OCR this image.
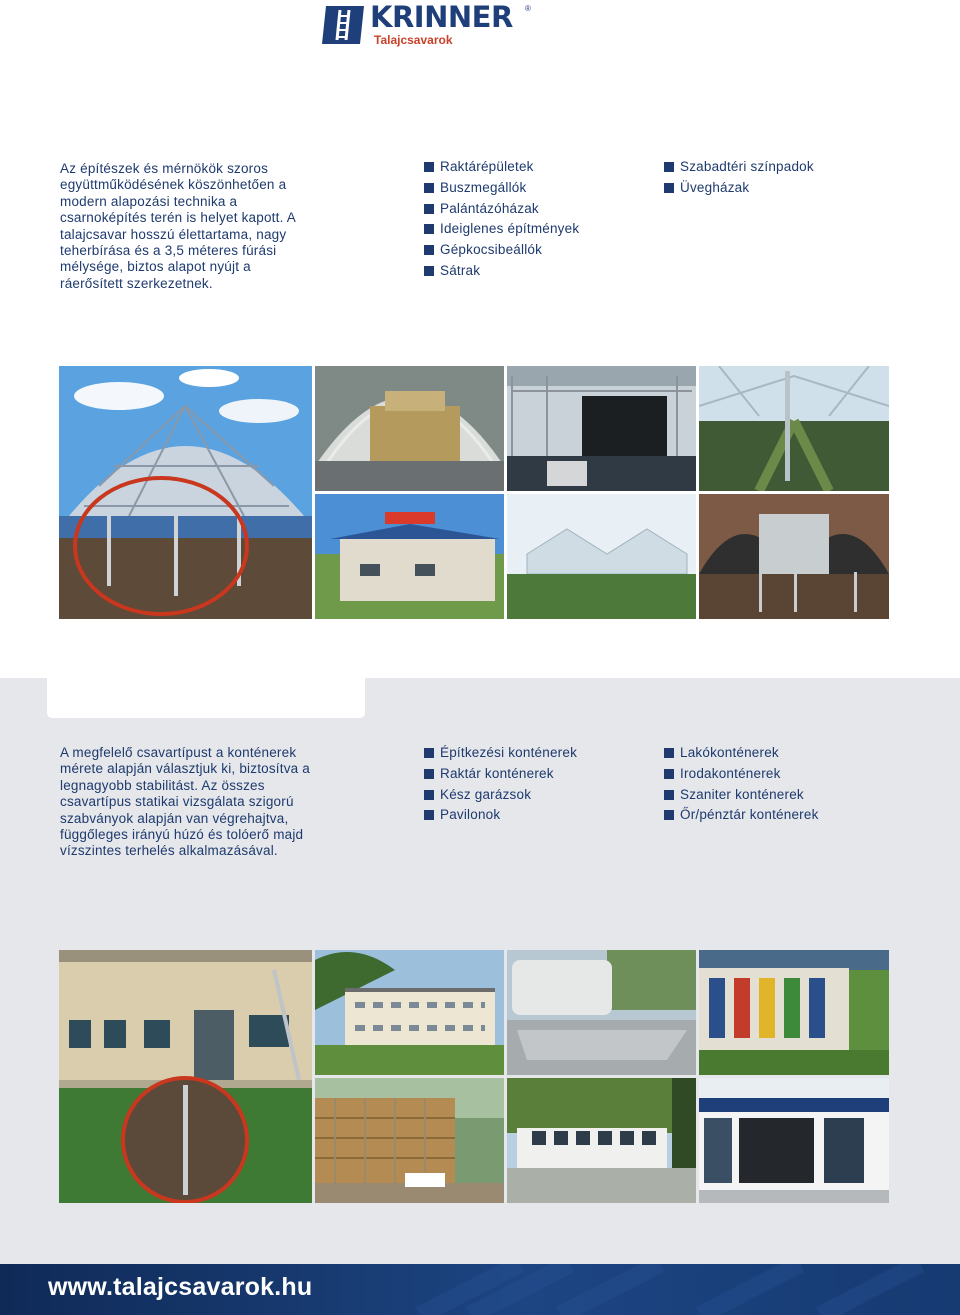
KRINNER ®
Talajcsavarok
Az építészek és mérnökök szoros együttműködésének köszönhetően a modern alapozási technika a csarnoképítés terén is helyet kapott. A talajcsavar hosszú élettartama, nagy teherbírása és a 3,5 méteres fúrási mélysége, biztos alapot nyújt a ráerősített szerkezetnek.
Raktárépületek
Buszmegállók
Palántázóházak
Ideiglenes építmények
Gépkocsibeállók
Sátrak
Szabadtéri színpadok
Üvegházak
A megfelelő csavartípust a konténerek mérete alapján választjuk ki, biztosítva a legnagyobb stabilitást. Az összes csavartípus statikai vizsgálata szigorú szabványok alapján van végrehajtva, függőleges irányú húzó és tolóerő majd vízszintes terhelés alkalmazásával.
Építkezési konténerek
Raktár konténerek
Kész garázsok
Pavilonok
Lakókonténerek
Irodakonténerek
Szaniter konténerek
Őr/pénztár konténerek
www.talajcsavarok.hu
